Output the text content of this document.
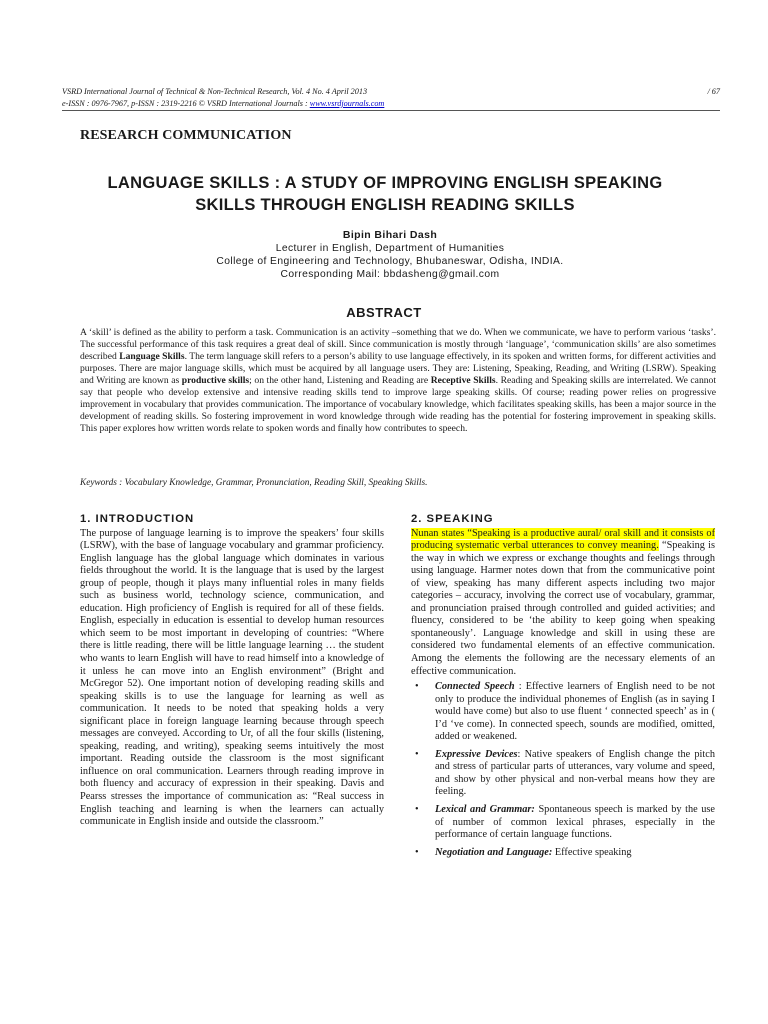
VSRD International Journal of Technical & Non-Technical Research, Vol. 4 No. 4 April 2013	/ 67
e-ISSN : 0976-7967, p-ISSN : 2319-2216 © VSRD International Journals : www.vsrdjournals.com
RESEARCH COMMUNICATION
LANGUAGE SKILLS : A STUDY OF IMPROVING ENGLISH SPEAKING
SKILLS THROUGH ENGLISH READING SKILLS
Bipin Bihari Dash
Lecturer in English, Department of Humanities
College of Engineering and Technology, Bhubaneswar, Odisha, INDIA.
Corresponding Mail: bbdasheng@gmail.com
ABSTRACT
A ‘skill’ is defined as the ability to perform a task. Communication is an activity –something that we do. When we communicate, we have to perform various ‘tasks’. The successful performance of this task requires a great deal of skill. Since communication is mostly through ‘language’, ‘communication skills’ are also sometimes described Language Skills. The term language skill refers to a person’s ability to use language effectively, in its spoken and written forms, for different activities and purposes. There are major language skills, which must be acquired by all language users. They are: Listening, Speaking, Reading, and Writing (LSRW). Speaking and Writing are known as productive skills; on the other hand, Listening and Reading are Receptive Skills. Reading and Speaking skills are interrelated. We cannot say that people who develop extensive and intensive reading skills tend to improve large speaking skills. Of course; reading power relies on progressive improvement in vocabulary that provides communication. The importance of vocabulary knowledge, which facilitates speaking skills, has been a major source in the development of reading skills. So fostering improvement in word knowledge through wide reading has the potential for fostering improvement in speaking skills. This paper explores how written words relate to spoken words and finally how contributes to speech.
Keywords : Vocabulary Knowledge, Grammar, Pronunciation, Reading Skill, Speaking Skills.
1. INTRODUCTION

The purpose of language learning is to improve the speakers’ four skills (LSRW), with the base of language vocabulary and grammar proficiency. English language has the global language which dominates in various fields throughout the world. It is the language that is used by the largest group of people, though it plays many influential roles in many fields such as business world, technology science, communication, and education. High proficiency of English is required for all of these fields. English, especially in education is essential to develop human resources which seem to be most important in developing of countries: “Where there is little reading, there will be little language learning … the student who wants to learn English will have to read himself into a knowledge of it unless he can move into an English environment” (Bright and McGregor 52). One important notion of developing reading skills and speaking skills is to use the language for learning as well as communication. It needs to be noted that speaking holds a very significant place in foreign language learning because through speech messages are conveyed. According to Ur, of all the four skills (listening, speaking, reading, and writing), speaking seems intuitively the most important. Reading outside the classroom is the most significant influence on oral communication. Learners through reading improve in both fluency and accuracy of expression in their speaking. Davis and Pearss stresses the importance of communication as: “Real success in English teaching and learning is when the learners can actually communicate in English inside and outside the classroom.”

2. SPEAKING

Nunan states “Speaking is a productive aural/ oral skill and it consists of producing systematic verbal utterances to convey meaning. “Speaking is the way in which we express or exchange thoughts and feelings through using language. Harmer notes down that from the communicative point of view, speaking has many different aspects including two major categories – accuracy, involving the correct use of vocabulary, grammar, and pronunciation praised through controlled and guided activities; and fluency, considered to be ‘the ability to keep going when speaking spontaneously’. Language knowledge and skill in using these are considered two fundamental elements of an effective communication. Among the elements the following are the necessary elements of an effective communication.

• Connected Speech : Effective learners of English need to be not only to produce the individual phonemes of English (as in saying I would have come) but also to use fluent ‘ connected speech’ as in ( I’d ‘ve come). In connected speech, sounds are modified, omitted, added or weakened.
• Expressive Devices: Native speakers of English change the pitch and stress of particular parts of utterances, vary volume and speed, and show by other physical and non-verbal means how they are feeling.
• Lexical and Grammar: Spontaneous speech is marked by the use of number of common lexical phrases, especially in the performance of certain language functions.
• Negotiation and Language: Effective speaking
